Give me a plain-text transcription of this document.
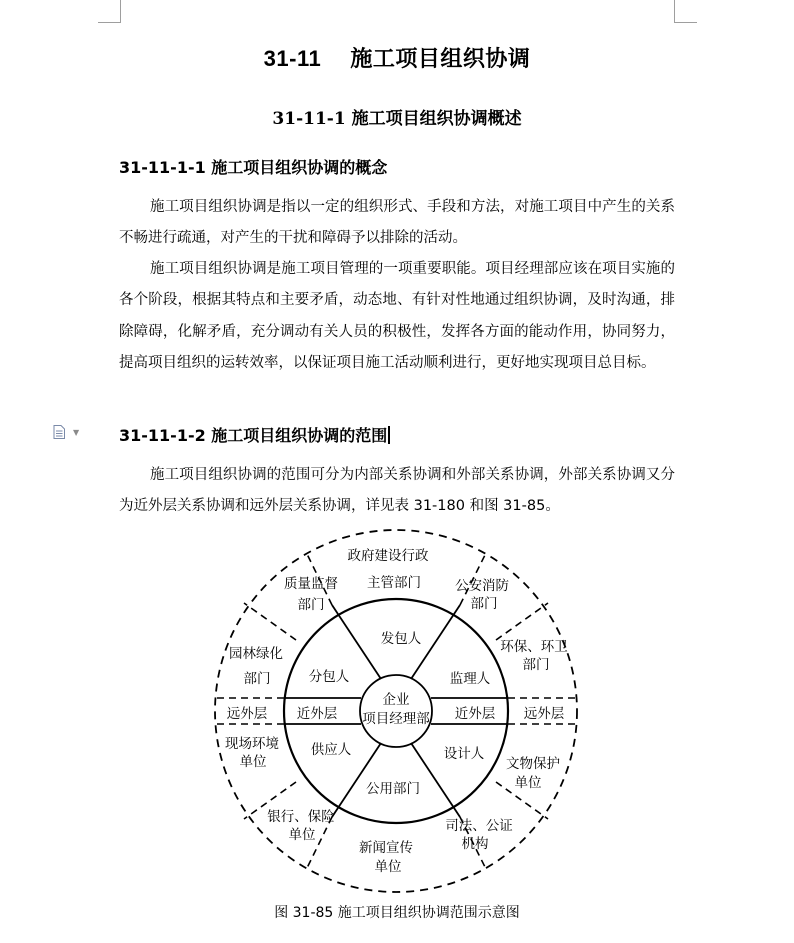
31-11　 施工项目组织协调
31-11-1 施工项目组织协调概述
31-11-1-1 施工项目组织协调的概念
施工项目组织协调是指以一定的组织形式、手段和方法，对施工项目中产生的关系不畅进行疏通，对产生的干扰和障碍予以排除的活动。
施工项目组织协调是施工项目管理的一项重要职能。项目经理部应该在项目实施的各个阶段，根据其特点和主要矛盾，动态地、有针对性地通过组织协调，及时沟通，排除障碍，化解矛盾，充分调动有关人员的积极性，发挥各方面的能动作用，协同努力，提高项目组织的运转效率，以保证项目施工活动顺利进行，更好地实现项目总目标。
▼ 31-11-1-2 施工项目组织协调的范围
施工项目组织协调的范围可分为内部关系协调和外部关系协调，外部关系协调又分为近外层关系协调和远外层关系协调，详见表 31-180 和图 31-85。
企业
项目经理部
发包人
监理人
近外层
设计人
公用部门
供应人
近外层
分包人
政府建设行政
主管部门	公安消防
部门
环保、环卫
部门
远外层
文物保护
单位
司法、公证
机构
新闻宣传
单位
银行、保险
单位
现场环境
单位
远外层
园林绿化
部门
质量监督
部门
图 31-85 施工项目组织协调范围示意图
